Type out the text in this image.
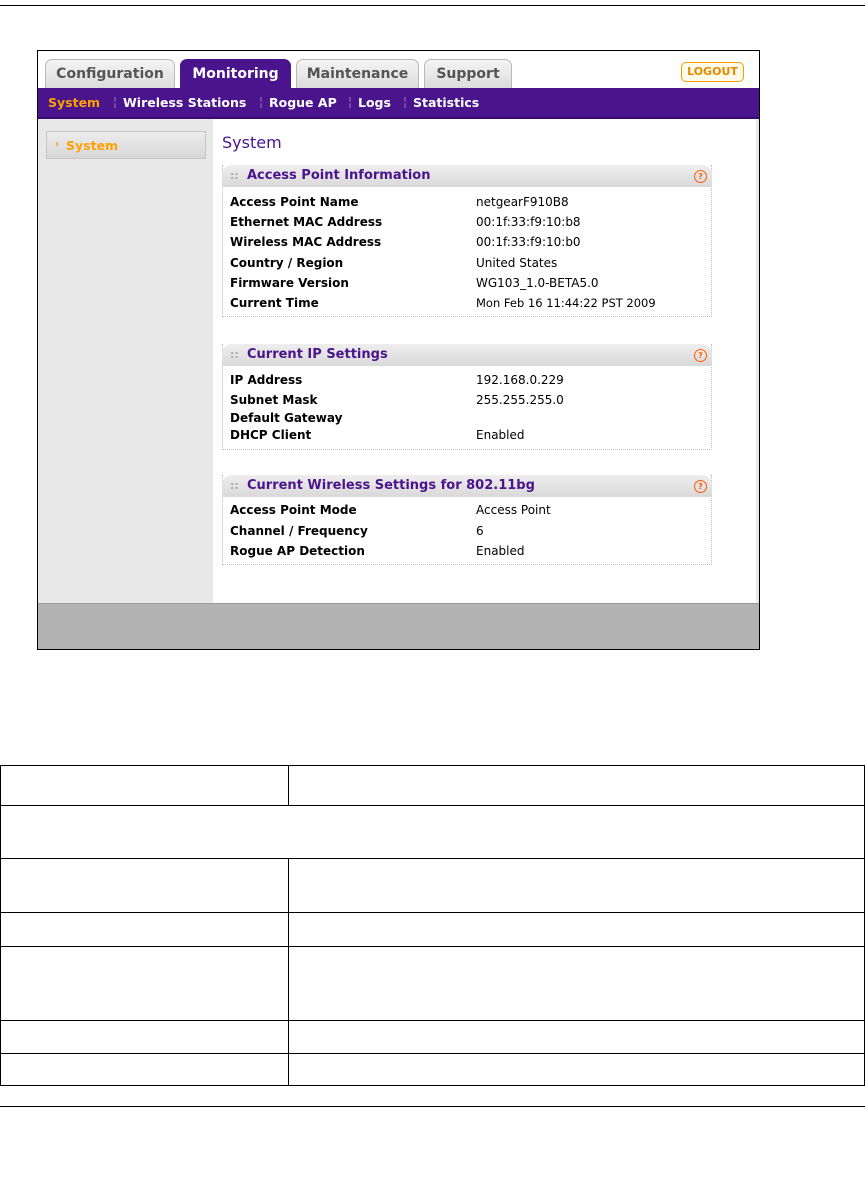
Configuration	Monitoring	Maintenance	Support	LOGOUT
System ¦ Wireless Stations ¦ Rogue AP ¦ Logs ¦ Statistics
› System	System
:: Access Point Information	?
Access Point Name	netgearF910B8
Ethernet MAC Address	00:1f:33:f9:10:b8
Wireless MAC Address	00:1f:33:f9:10:b0
Country / Region	United States
Firmware Version	WG103_1.0-BETA5.0
Current Time	Mon Feb 16 11:44:22 PST 2009
:: Current IP Settings	?
IP Address	192.168.0.229
Subnet Mask	255.255.255.0
Default Gateway
DHCP Client	Enabled
:: Current Wireless Settings for 802.11bg	?
Access Point Mode	Access Point
Channel / Frequency	6
Rogue AP Detection	Enabled
